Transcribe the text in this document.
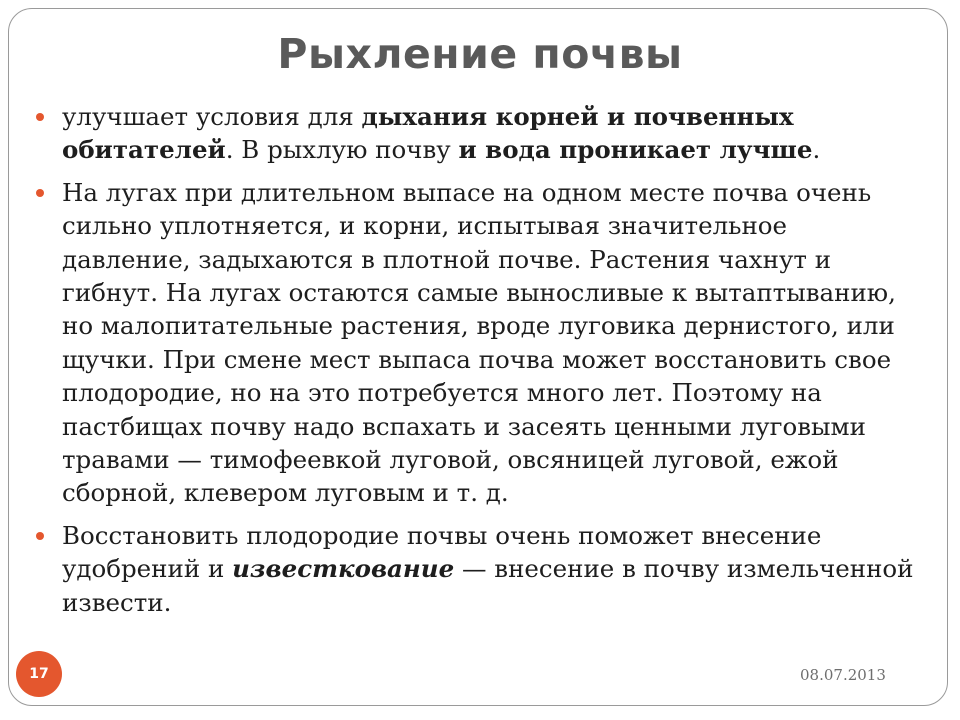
Рыхление почвы
улучшает условия для дыхания корней и почвенных обитателей. В рыхлую почву и вода проникает лучше.
На лугах при длительном выпасе на одном месте почва очень сильно уплотняется, и корни, испытывая значительное давление, задыхаются в плотной почве. Растения чахнут и гибнут. На лугах остаются самые выносливые к вытаптыванию, но малопитательные растения, вроде луговика дернистого, или щучки. При смене мест выпаса почва может восстановить свое плодородие, но на это потребуется много лет. Поэтому на пастбищах почву надо вспахать и засеять ценными луговыми травами — тимофеевкой луговой, овсяницей луговой, ежой сборной, клевером луговым и т. д.
Восстановить плодородие почвы очень поможет внесение удобрений и известкование — внесение в почву измельченной извести.
17	08.07.2013
